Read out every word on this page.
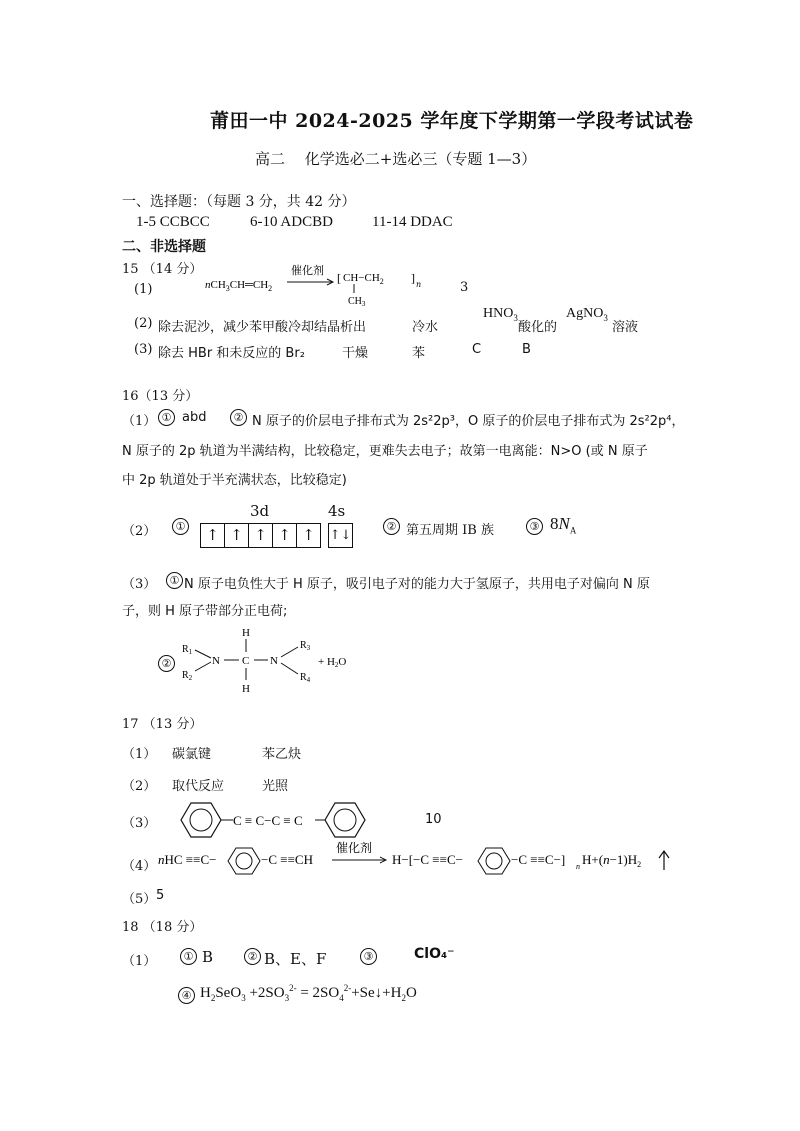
莆田一中 2024-2025 学年度下学期第一学段考试试卷
高二　 化学选必二+选必三（专题 1—3）
一、选择题：（每题 3 分，共 42 分）
1-5 CCBCC	6-10 ADCBD	11-14 DDAC
二、非选择题
15 （14 分）
(1)	$nCH_3CH═CH_2$
催化剂
[ $CH-CH_2$ ] n
$CH_3$
3
(2) 除去泥沙，减少苯甲酸冷却结晶析出	冷水
$HNO_3$
酸化的
AgNO$_3$
溶液
(3) 除去 HBr 和未反应的 Br₂	干燥	苯	C	B
16（13 分）
（1） ① abd	② N 原子的价层电子排布式为 2s²2p³，O 原子的价层电子排布式为 2s²2p⁴，
N 原子的 2p 轨道为半满结构，比较稳定，更难失去电子；故第一电离能：N>O (或 N 原子
中 2p 轨道处于半充满状态，比较稳定)
（2）	①
3d	4s
↑ ↑ ↑ ↑ ↑	↑↓
② 第五周期 IB 族	③ $8N_A$
（3）	① N 原子电负性大于 H 原子，吸引电子对的能力大于氢原子，共用电子对偏向 N 原
子，则 H 原子带部分正电荷;
②
H
C
H
N	N
$R_1$
$R_2$
$R_3$
$R_4$
+ H2O
17 （13 分）
（1） 碳氯键	苯乙炔
（2） 取代反应	光照
（3）	C ≡ C−C ≡ C	10
（4） nHC ≡≡C−	−C ≡≡CH
催化剂
H−[−C ≡≡C−	−C ≡≡C−] n $H+(n-1)H_2$
（5） 5
18 （18 分）
（1）	① B	② B、E、F	③	ClO₄⁻
④ $H_2SeO_3 +2SO_3^{2-}$ = $2SO_4^{2-}+Se↓+H_2O$
